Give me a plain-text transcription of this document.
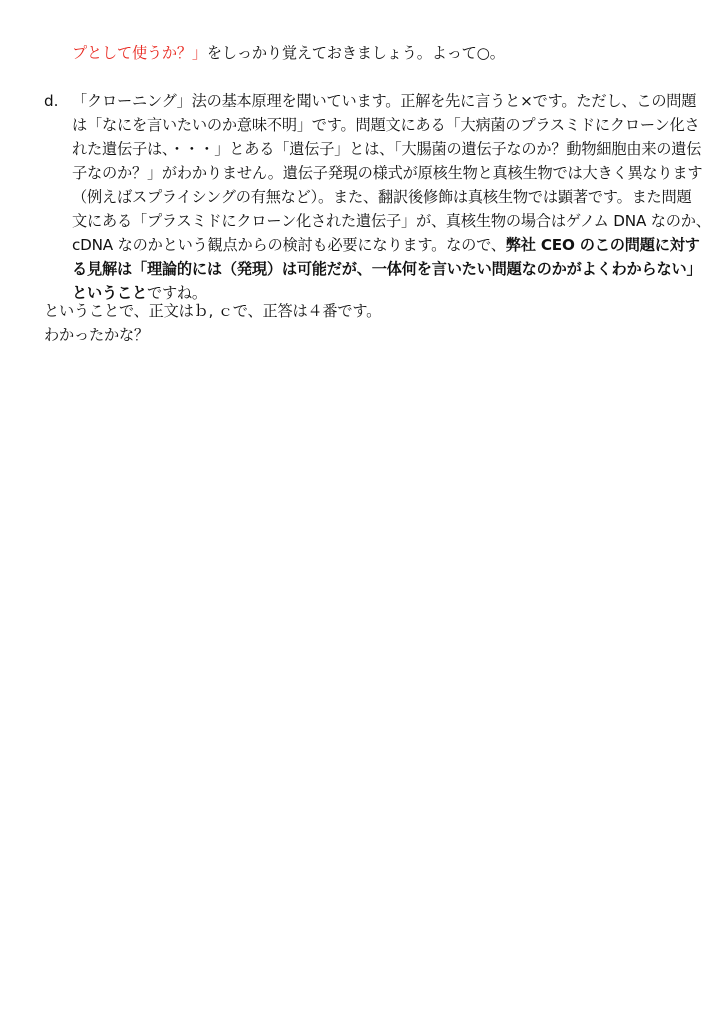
プとして使うか？」をしっかり覚えておきましょう。よって○。
d. 「クローニング」法の基本原理を聞いています。正解を先に言うと×です。ただし、この問題
は「なにを言いたいのか意味不明」です。問題文にある「大病菌のプラスミドにクローン化さ
れた遺伝子は、・・・」とある「遺伝子」とは、「大腸菌の遺伝子なのか？動物細胞由来の遺伝
子なのか？」がわかりません。遺伝子発現の様式が原核生物と真核生物では大きく異なります
（例えばスプライシングの有無など）。また、翻訳後修飾は真核生物では顕著です。また問題
文にある「プラスミドにクローン化された遺伝子」が、真核生物の場合はゲノム DNA なのか、
cDNA なのかという観点からの検討も必要になります。なので、弊社 CEO のこの問題に対す
る見解は「理論的には（発現）は可能だが、一体何を言いたい問題なのかがよくわからない」
ということですね。
ということで、正文はｂ, ｃで、正答は４番です。
わかったかな？
